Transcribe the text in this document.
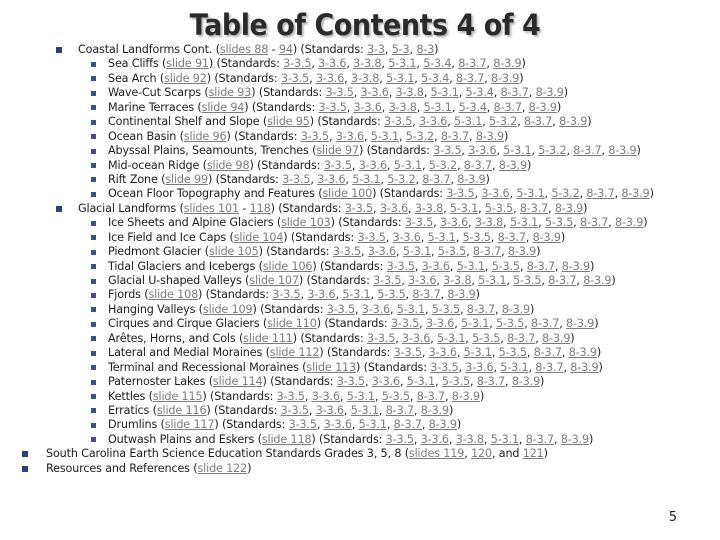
Table of Contents 4 of 4
Coastal Landforms Cont. (slides 88 - 94) (Standards: 3-3, 5-3, 8-3)
Sea Cliffs (slide 91) (Standards: 3-3.5, 3-3.6, 3-3.8, 5-3.1, 5-3.4, 8-3.7, 8-3.9)
Sea Arch (slide 92) (Standards: 3-3.5, 3-3.6, 3-3.8, 5-3.1, 5-3.4, 8-3.7, 8-3.9)
Wave-Cut Scarps (slide 93) (Standards: 3-3.5, 3-3.6, 3-3.8, 5-3.1, 5-3.4, 8-3.7, 8-3.9)
Marine Terraces (slide 94) (Standards: 3-3.5, 3-3.6, 3-3.8, 5-3.1, 5-3.4, 8-3.7, 8-3.9)
Continental Shelf and Slope (slide 95) (Standards: 3-3.5, 3-3.6, 5-3.1, 5-3.2, 8-3.7, 8-3.9)
Ocean Basin (slide 96) (Standards: 3-3.5, 3-3.6, 5-3.1, 5-3.2, 8-3.7, 8-3.9)
Abyssal Plains, Seamounts, Trenches (slide 97) (Standards: 3-3.5, 3-3.6, 5-3.1, 5-3.2, 8-3.7, 8-3.9)
Mid-ocean Ridge (slide 98) (Standards: 3-3.5, 3-3.6, 5-3.1, 5-3.2, 8-3.7, 8-3.9)
Rift Zone (slide 99) (Standards: 3-3.5, 3-3.6, 5-3.1, 5-3.2, 8-3.7, 8-3.9)
Ocean Floor Topography and Features (slide 100) (Standards: 3-3.5, 3-3.6, 5-3.1, 5-3.2, 8-3.7, 8-3.9)
Glacial Landforms (slides 101 - 118) (Standards: 3-3.5, 3-3.6, 3-3.8, 5-3.1, 5-3.5, 8-3.7, 8-3.9)
Ice Sheets and Alpine Glaciers (slide 103) (Standards: 3-3.5, 3-3.6, 3-3.8, 5-3.1, 5-3.5, 8-3.7, 8-3.9)
Ice Field and Ice Caps (slide 104) (Standards: 3-3.5, 3-3.6, 5-3.1, 5-3.5, 8-3.7, 8-3.9)
Piedmont Glacier (slide 105) (Standards: 3-3.5, 3-3.6, 5-3.1, 5-3.5, 8-3.7, 8-3.9)
Tidal Glaciers and Icebergs (slide 106) (Standards: 3-3.5, 3-3.6, 5-3.1, 5-3.5, 8-3.7, 8-3.9)
Glacial U-shaped Valleys (slide 107) (Standards: 3-3.5, 3-3.6, 3-3.8, 5-3.1, 5-3.5, 8-3.7, 8-3.9)
Fjords (slide 108) (Standards: 3-3.5, 3-3.6, 5-3.1, 5-3.5, 8-3.7, 8-3.9)
Hanging Valleys (slide 109) (Standards: 3-3.5, 3-3.6, 5-3.1, 5-3.5, 8-3.7, 8-3.9)
Cirques and Cirque Glaciers (slide 110) (Standards: 3-3.5, 3-3.6, 5-3.1, 5-3.5, 8-3.7, 8-3.9)
Arêtes, Horns, and Cols (slide 111) (Standards: 3-3.5, 3-3.6, 5-3.1, 5-3.5, 8-3.7, 8-3.9)
Lateral and Medial Moraines (slide 112) (Standards: 3-3.5, 3-3.6, 5-3.1, 5-3.5, 8-3.7, 8-3.9)
Terminal and Recessional Moraines (slide 113) (Standards: 3-3.5, 3-3.6, 5-3.1, 8-3.7, 8-3.9)
Paternoster Lakes (slide 114) (Standards: 3-3.5, 3-3.6, 5-3.1, 5-3.5, 8-3.7, 8-3.9)
Kettles (slide 115) (Standards: 3-3.5, 3-3.6, 5-3.1, 5-3.5, 8-3.7, 8-3.9)
Erratics (slide 116) (Standards: 3-3.5, 3-3.6, 5-3.1, 8-3.7, 8-3.9)
Drumlins (slide 117) (Standards: 3-3.5, 3-3.6, 5-3.1, 8-3.7, 8-3.9)
Outwash Plains and Eskers (slide 118) (Standards: 3-3.5, 3-3.6, 3-3.8, 5-3.1, 8-3.7, 8-3.9)
South Carolina Earth Science Education Standards Grades 3, 5, 8 (slides 119, 120, and 121)
Resources and References (slide 122)
5
